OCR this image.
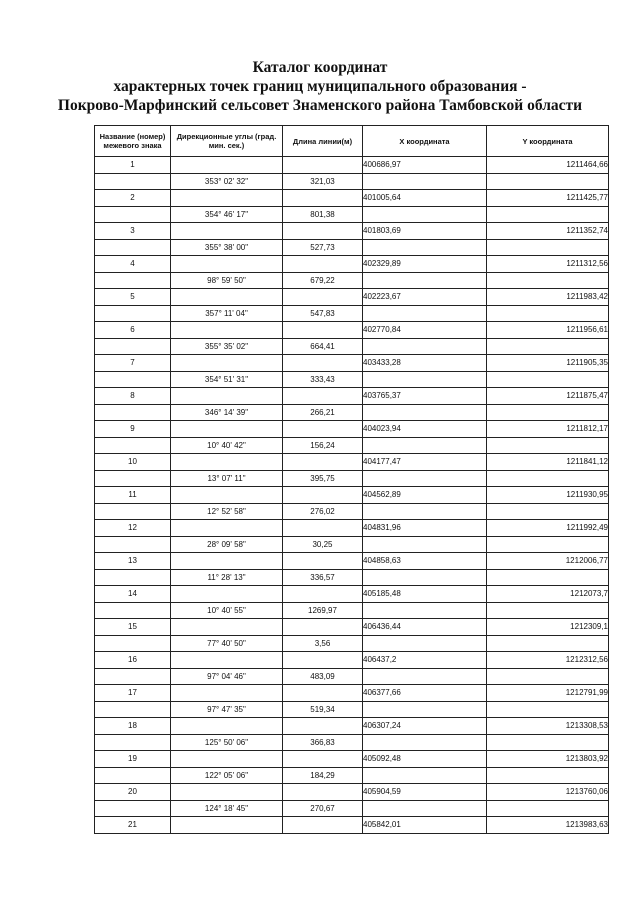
Каталог координат
характерных точек границ муниципального образования -
Покрово-Марфинский сельсовет Знаменского района Тамбовской области
Название (номер) межевого знака	Дирекционные углы (град. мин. сек.)	Длина линии(м)	X координата	Y координата
1			400686,97	1211464,66
	353° 02' 32"	321,03		
2			401005,64	1211425,77
	354° 46' 17"	801,38		
3			401803,69	1211352,74
	355° 38' 00"	527,73		
4			402329,89	1211312,56
	98° 59' 50"	679,22		
5			402223,67	1211983,42
	357° 11' 04"	547,83		
6			402770,84	1211956,61
	355° 35' 02"	664,41		
7			403433,28	1211905,35
	354° 51' 31"	333,43		
8			403765,37	1211875,47
	346° 14' 39"	266,21		
9			404023,94	1211812,17
	10° 40' 42"	156,24		
10			404177,47	1211841,12
	13° 07' 11"	395,75		
11			404562,89	1211930,95
	12° 52' 58"	276,02		
12			404831,96	1211992,49
	28° 09' 58"	30,25		
13			404858,63	1212006,77
	11° 28' 13"	336,57		
14			405185,48	1212073,7
	10° 40' 55"	1269,97		
15			406436,44	1212309,1
	77° 40' 50"	3,56		
16			406437,2	1212312,56
	97° 04' 46"	483,09		
17			406377,66	1212791,99
	97° 47' 35"	519,34		
18			406307,24	1213308,53
	125° 50' 06"	366,83		
19			405092,48	1213803,92
	122° 05' 06"	184,29		
20			405904,59	1213760,06
	124° 18' 45"	270,67		
21			405842,01	1213983,63
